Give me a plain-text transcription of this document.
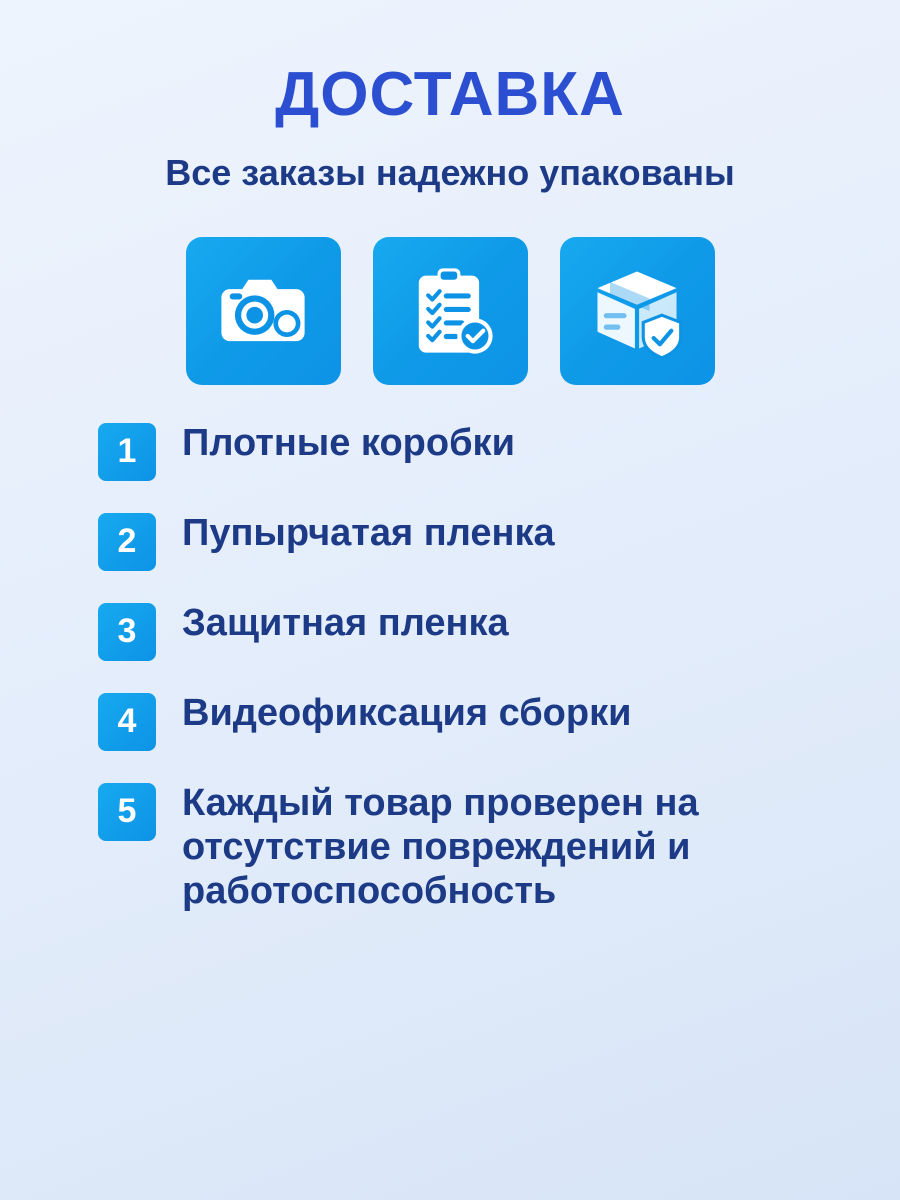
ДОСТАВКА
Все заказы надежно упакованы
1	Плотные коробки
2	Пупырчатая пленка
3	Защитная пленка
4	Видеофиксация сборки
5	Каждый товар проверен на отсутствие повреждений и работоспособность
